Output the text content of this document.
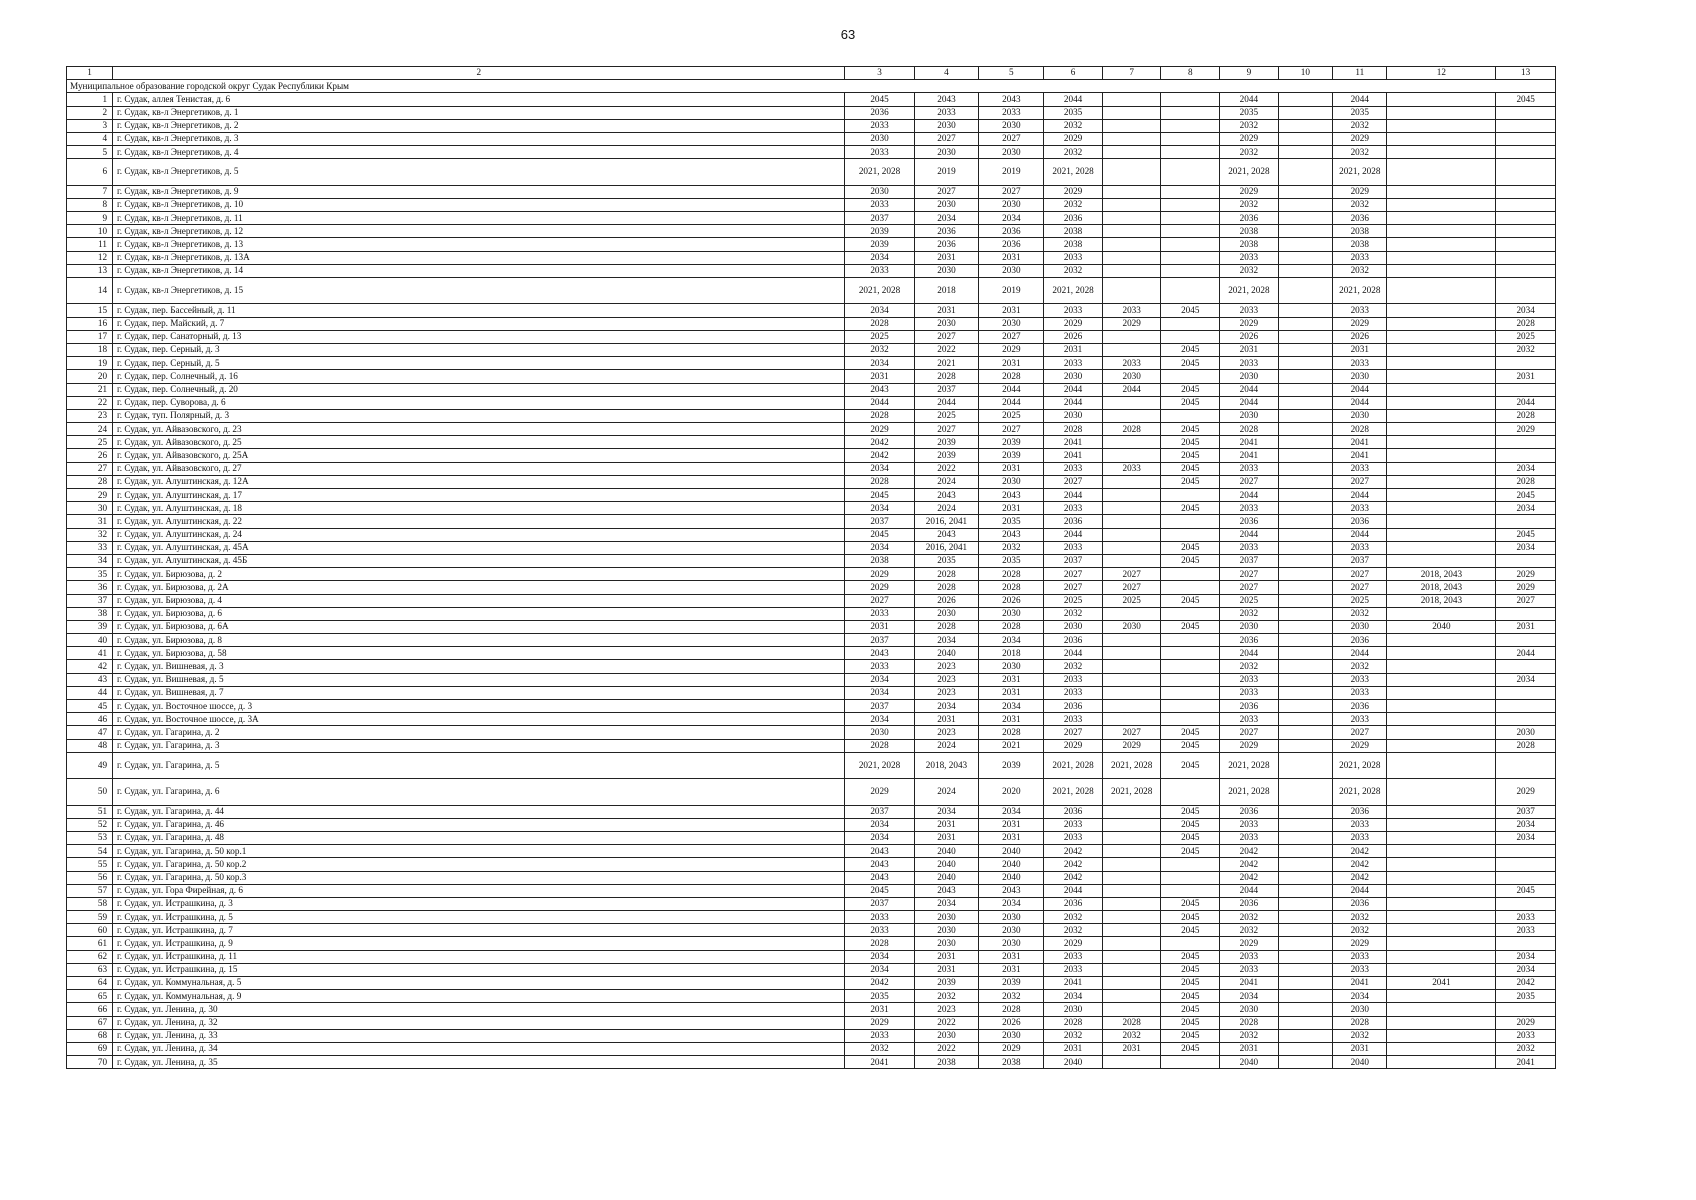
63
1	2	3	4	5	6	7	8	9	10	11	12	13
Муниципальное образование городской округ Судак Республики Крым												
1	г. Судак, аллея Тенистая, д. 6	2045	2043	2043	2044			2044		2044		2045
2	г. Судак, кв-л Энергетиков, д. 1	2036	2033	2033	2035			2035		2035		
3	г. Судак, кв-л Энергетиков, д. 2	2033	2030	2030	2032			2032		2032		
4	г. Судак, кв-л Энергетиков, д. 3	2030	2027	2027	2029			2029		2029		
5	г. Судак, кв-л Энергетиков, д. 4	2033	2030	2030	2032			2032		2032		
6	г. Судак, кв-л Энергетиков, д. 5	2021, 2028	2019	2019	2021, 2028			2021, 2028		2021, 2028		
7	г. Судак, кв-л Энергетиков, д. 9	2030	2027	2027	2029			2029		2029		
8	г. Судак, кв-л Энергетиков, д. 10	2033	2030	2030	2032			2032		2032		
9	г. Судак, кв-л Энергетиков, д. 11	2037	2034	2034	2036			2036		2036		
10	г. Судак, кв-л Энергетиков, д. 12	2039	2036	2036	2038			2038		2038		
11	г. Судак, кв-л Энергетиков, д. 13	2039	2036	2036	2038			2038		2038		
12	г. Судак, кв-л Энергетиков, д. 13А	2034	2031	2031	2033			2033		2033		
13	г. Судак, кв-л Энергетиков, д. 14	2033	2030	2030	2032			2032		2032		
14	г. Судак, кв-л Энергетиков, д. 15	2021, 2028	2018	2019	2021, 2028			2021, 2028		2021, 2028		
15	г. Судак, пер. Бассейный, д. 11	2034	2031	2031	2033	2033	2045	2033		2033		2034
16	г. Судак, пер. Майский, д. 7	2028	2030	2030	2029	2029		2029		2029		2028
17	г. Судак, пер. Санаторный, д. 13	2025	2027	2027	2026			2026		2026		2025
18	г. Судак, пер. Серный, д. 3	2032	2022	2029	2031		2045	2031		2031		2032
19	г. Судак, пер. Серный, д. 5	2034	2021	2031	2033	2033	2045	2033		2033		
20	г. Судак, пер. Солнечный, д. 16	2031	2028	2028	2030	2030		2030		2030		2031
21	г. Судак, пер. Солнечный, д. 20	2043	2037	2044	2044	2044	2045	2044		2044		
22	г. Судак, пер. Суворова, д. 6	2044	2044	2044	2044		2045	2044		2044		2044
23	г. Судак, туп. Полярный, д. 3	2028	2025	2025	2030			2030		2030		2028
24	г. Судак, ул. Айвазовского, д. 23	2029	2027	2027	2028	2028	2045	2028		2028		2029
25	г. Судак, ул. Айвазовского, д. 25	2042	2039	2039	2041		2045	2041		2041		
26	г. Судак, ул. Айвазовского, д. 25А	2042	2039	2039	2041		2045	2041		2041		
27	г. Судак, ул. Айвазовского, д. 27	2034	2022	2031	2033	2033	2045	2033		2033		2034
28	г. Судак, ул. Алуштинская, д. 12А	2028	2024	2030	2027		2045	2027		2027		2028
29	г. Судак, ул. Алуштинская, д. 17	2045	2043	2043	2044			2044		2044		2045
30	г. Судак, ул. Алуштинская, д. 18	2034	2024	2031	2033		2045	2033		2033		2034
31	г. Судак, ул. Алуштинская, д. 22	2037	2016, 2041	2035	2036			2036		2036		
32	г. Судак, ул. Алуштинская, д. 24	2045	2043	2043	2044			2044		2044		2045
33	г. Судак, ул. Алуштинская, д. 45А	2034	2016, 2041	2032	2033		2045	2033		2033		2034
34	г. Судак, ул. Алуштинская, д. 45Б	2038	2035	2035	2037		2045	2037		2037		
35	г. Судак, ул. Бирюзова, д. 2	2029	2028	2028	2027	2027		2027		2027	2018, 2043	2029
36	г. Судак, ул. Бирюзова, д. 2А	2029	2028	2028	2027	2027		2027		2027	2018, 2043	2029
37	г. Судак, ул. Бирюзова, д. 4	2027	2026	2026	2025	2025	2045	2025		2025	2018, 2043	2027
38	г. Судак, ул. Бирюзова, д. 6	2033	2030	2030	2032			2032		2032		
39	г. Судак, ул. Бирюзова, д. 6А	2031	2028	2028	2030	2030	2045	2030		2030	2040	2031
40	г. Судак, ул. Бирюзова, д. 8	2037	2034	2034	2036			2036		2036		
41	г. Судак, ул. Бирюзова, д. 58	2043	2040	2018	2044			2044		2044		2044
42	г. Судак, ул. Вишневая, д. 3	2033	2023	2030	2032			2032		2032		
43	г. Судак, ул. Вишневая, д. 5	2034	2023	2031	2033			2033		2033		2034
44	г. Судак, ул. Вишневая, д. 7	2034	2023	2031	2033			2033		2033		
45	г. Судак, ул. Восточное шоссе, д. 3	2037	2034	2034	2036			2036		2036		
46	г. Судак, ул. Восточное шоссе, д. 3А	2034	2031	2031	2033			2033		2033		
47	г. Судак, ул. Гагарина, д. 2	2030	2023	2028	2027	2027	2045	2027		2027		2030
48	г. Судак, ул. Гагарина, д. 3	2028	2024	2021	2029	2029	2045	2029		2029		2028
49	г. Судак, ул. Гагарина, д. 5	2021, 2028	2018, 2043	2039	2021, 2028	2021, 2028	2045	2021, 2028		2021, 2028		
50	г. Судак, ул. Гагарина, д. 6	2029	2024	2020	2021, 2028	2021, 2028		2021, 2028		2021, 2028		2029
51	г. Судак, ул. Гагарина, д. 44	2037	2034	2034	2036		2045	2036		2036		2037
52	г. Судак, ул. Гагарина, д. 46	2034	2031	2031	2033		2045	2033		2033		2034
53	г. Судак, ул. Гагарина, д. 48	2034	2031	2031	2033		2045	2033		2033		2034
54	г. Судак, ул. Гагарина, д. 50 кор.1	2043	2040	2040	2042		2045	2042		2042		
55	г. Судак, ул. Гагарина, д. 50 кор.2	2043	2040	2040	2042			2042		2042		
56	г. Судак, ул. Гагарина, д. 50 кор.3	2043	2040	2040	2042			2042		2042		
57	г. Судак, ул. Гора Фирейная, д. 6	2045	2043	2043	2044			2044		2044		2045
58	г. Судак, ул. Истрашкина, д. 3	2037	2034	2034	2036		2045	2036		2036		
59	г. Судак, ул. Истрашкина, д. 5	2033	2030	2030	2032		2045	2032		2032		2033
60	г. Судак, ул. Истрашкина, д. 7	2033	2030	2030	2032		2045	2032		2032		2033
61	г. Судак, ул. Истрашкина, д. 9	2028	2030	2030	2029			2029		2029		
62	г. Судак, ул. Истрашкина, д. 11	2034	2031	2031	2033		2045	2033		2033		2034
63	г. Судак, ул. Истрашкина, д. 15	2034	2031	2031	2033		2045	2033		2033		2034
64	г. Судак, ул. Коммунальная, д. 5	2042	2039	2039	2041		2045	2041		2041	2041	2042
65	г. Судак, ул. Коммунальная, д. 9	2035	2032	2032	2034		2045	2034		2034		2035
66	г. Судак, ул. Ленина, д. 30	2031	2023	2028	2030		2045	2030		2030		
67	г. Судак, ул. Ленина, д. 32	2029	2022	2026	2028	2028	2045	2028		2028		2029
68	г. Судак, ул. Ленина, д. 33	2033	2030	2030	2032	2032	2045	2032		2032		2033
69	г. Судак, ул. Ленина, д. 34	2032	2022	2029	2031	2031	2045	2031		2031		2032
70	г. Судак, ул. Ленина, д. 35	2041	2038	2038	2040			2040		2040		2041
